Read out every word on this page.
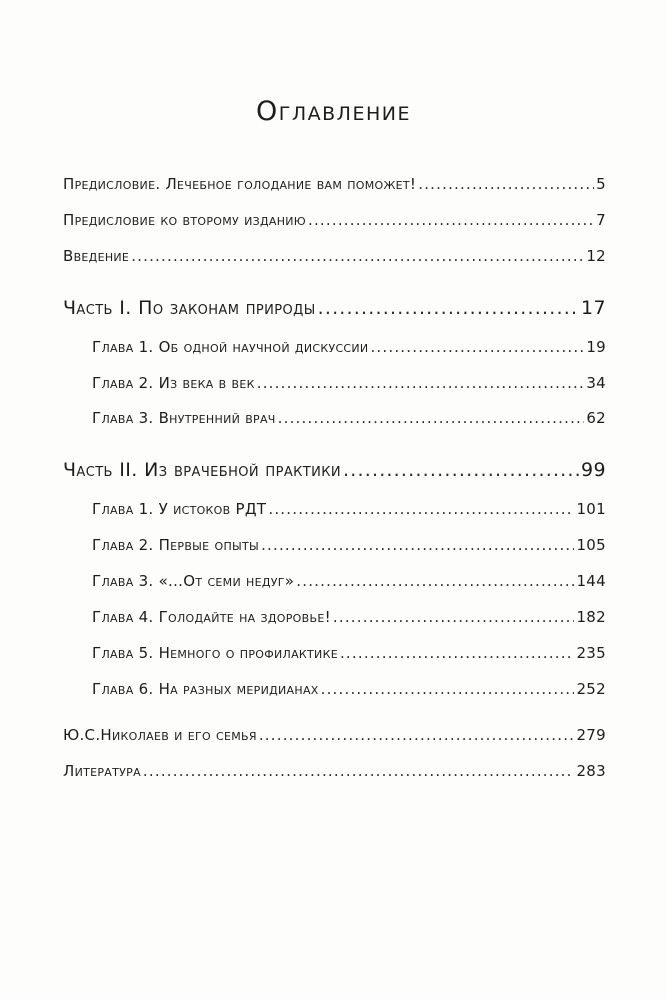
Оглавление
Предисловие. Лечебное голодание вам поможет! .....	5
Предисловие ко второму изданию .....	7
Введение .....	12
Часть I. По законам природы .....	17
Глава 1. Об одной научной дискуссии .....	19
Глава 2. Из века в век .....	34
Глава 3. Внутренний врач .....	62
Часть II. Из врачебной практики .....	99
Глава 1. У истоков РДТ .....	101
Глава 2. Первые опыты .....	105
Глава 3. «...От семи недуг» .....	144
Глава 4. Голодайте на здоровье! .....	182
Глава 5. Немного о профилактике .....	235
Глава 6. На разных меридианах .....	252
Ю.С.Николаев и его семья .....	279
Литература .....	283
